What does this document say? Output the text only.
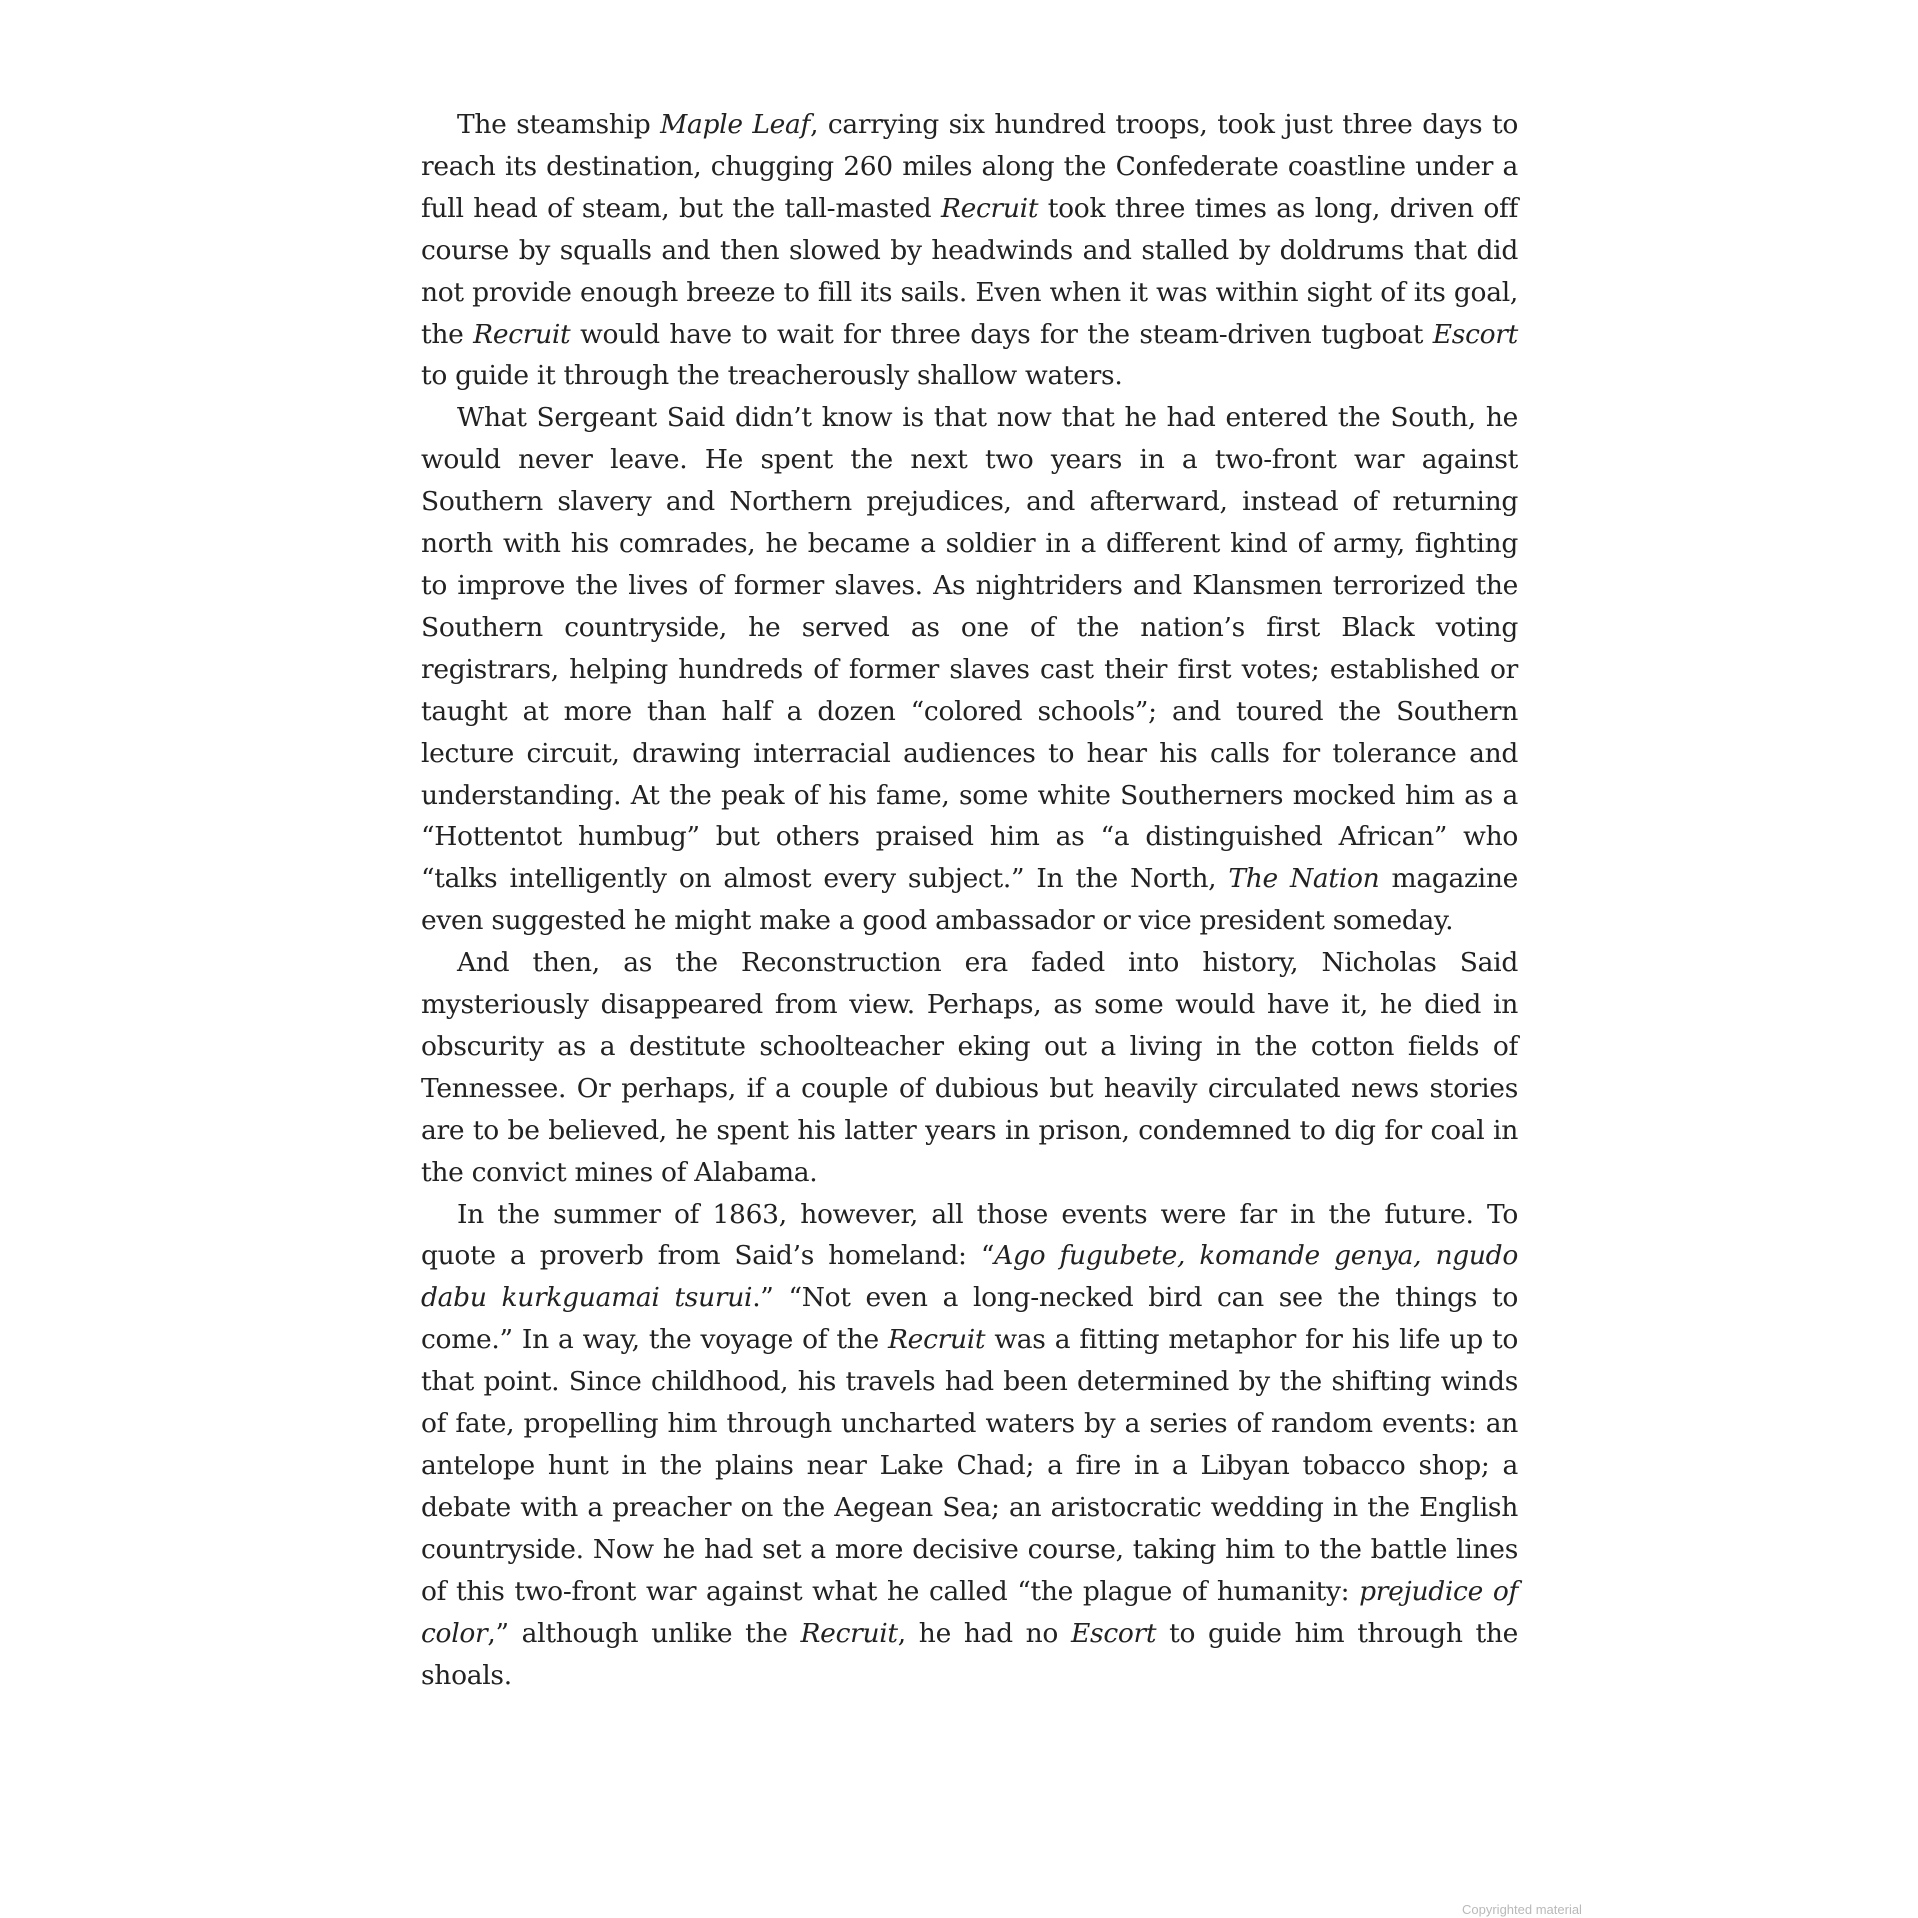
The steamship Maple Leaf, carrying six hundred troops, took just three days to reach its destination, chugging 260 miles along the Confederate coastline under a full head of steam, but the tall-masted Recruit took three times as long, driven off course by squalls and then slowed by headwinds and stalled by doldrums that did not provide enough breeze to fill its sails. Even when it was within sight of its goal, the Recruit would have to wait for three days for the steam-driven tugboat Escort to guide it through the treacherously shallow waters.

What Sergeant Said didn’t know is that now that he had entered the South, he would never leave. He spent the next two years in a two-front war against Southern slavery and Northern prejudices, and afterward, instead of returning north with his comrades, he became a soldier in a different kind of army, fighting to improve the lives of former slaves. As nightriders and Klansmen terrorized the Southern countryside, he served as one of the nation’s first Black voting registrars, helping hundreds of former slaves cast their first votes; established or taught at more than half a dozen “colored schools”; and toured the Southern lecture circuit, drawing interracial audiences to hear his calls for tolerance and understanding. At the peak of his fame, some white Southerners mocked him as a “Hottentot humbug” but others praised him as “a distinguished African” who “talks intelligently on almost every subject.” In the North, The Nation magazine even suggested he might make a good ambassador or vice president someday.

And then, as the Reconstruction era faded into history, Nicholas Said mysteriously disappeared from view. Perhaps, as some would have it, he died in obscurity as a destitute schoolteacher eking out a living in the cotton fields of Tennessee. Or perhaps, if a couple of dubious but heavily circulated news stories are to be believed, he spent his latter years in prison, condemned to dig for coal in the convict mines of Alabama.

In the summer of 1863, however, all those events were far in the future. To quote a proverb from Said’s homeland: “Ago fugubete, komande genya, ngudo dabu kurkguamai tsurui.” “Not even a long-necked bird can see the things to come.” In a way, the voyage of the Recruit was a fitting metaphor for his life up to that point. Since childhood, his travels had been determined by the shifting winds of fate, propelling him through uncharted waters by a series of random events: an antelope hunt in the plains near Lake Chad; a fire in a Libyan tobacco shop; a debate with a preacher on the Aegean Sea; an aristocratic wedding in the English countryside. Now he had set a more decisive course, taking him to the battle lines of this two-front war against what he called “the plague of humanity: prejudice of color,” although unlike the Recruit, he had no Escort to guide him through the shoals.

Copyrighted material
